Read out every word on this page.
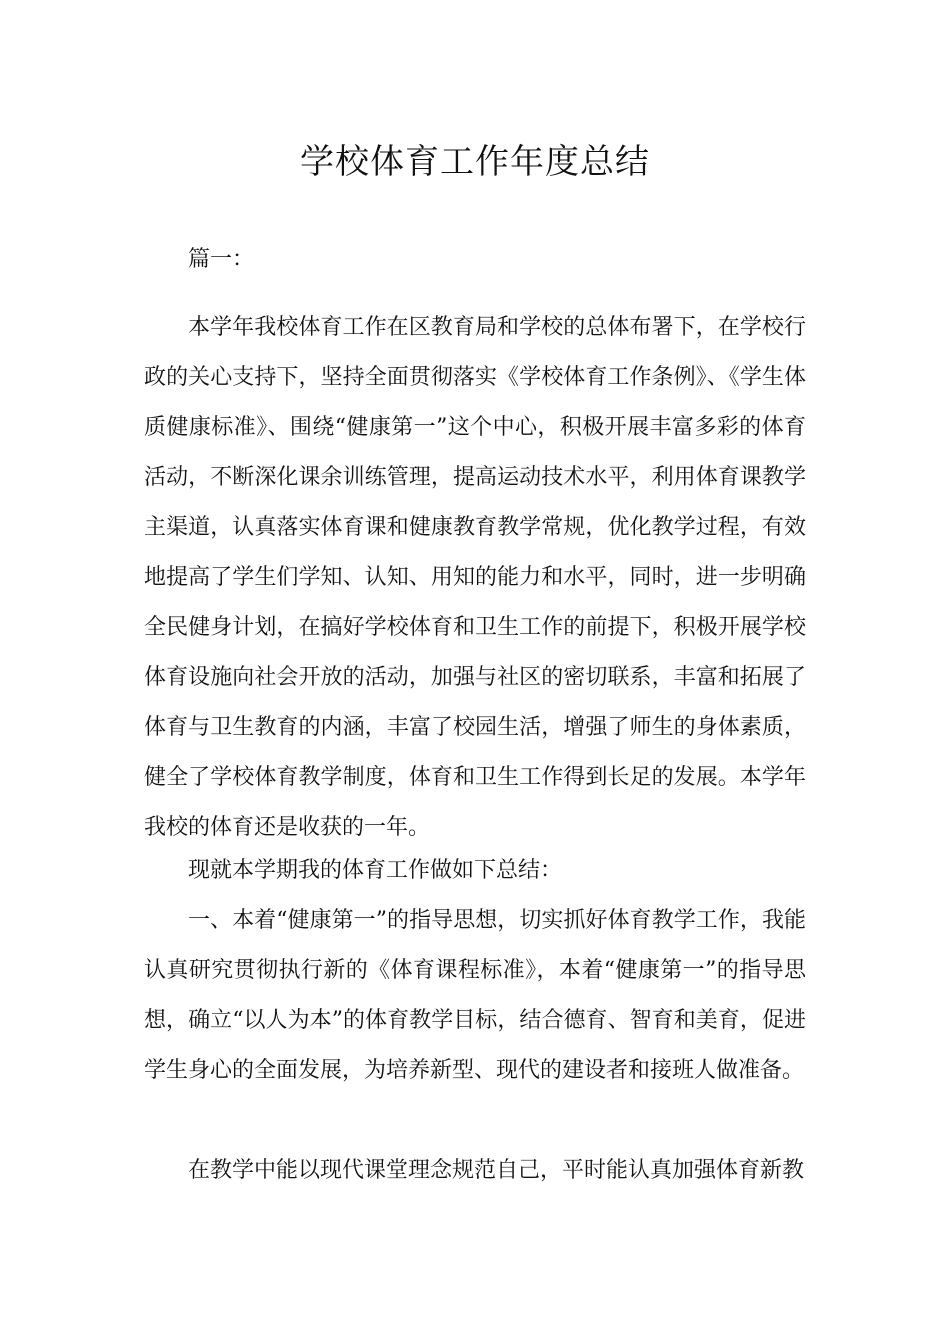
学校体育工作年度总结
篇一：

本学年我校体育工作在区教育局和学校的总体布署下，在学校行政的关心支持下，坚持全面贯彻落实《学校体育工作条例》、《学生体质健康标准》、围绕“健康第一”这个中心，积极开展丰富多彩的体育活动，不断深化课余训练管理，提高运动技术水平，利用体育课教学主渠道，认真落实体育课和健康教育教学常规，优化教学过程，有效地提高了学生们学知、认知、用知的能力和水平，同时，进一步明确全民健身计划，在搞好学校体育和卫生工作的前提下，积极开展学校体育设施向社会开放的活动，加强与社区的密切联系，丰富和拓展了体育与卫生教育的内涵，丰富了校园生活，增强了师生的身体素质，健全了学校体育教学制度，体育和卫生工作得到长足的发展。本学年我校的体育还是收获的一年。

现就本学期我的体育工作做如下总结：

一、本着“健康第一”的指导思想，切实抓好体育教学工作，我能认真研究贯彻执行新的《体育课程标准》，本着“健康第一”的指导思想，确立“以人为本”的体育教学目标，结合德育、智育和美育，促进学生身心的全面发展，为培养新型、现代的建设者和接班人做准备。

在教学中能以现代课堂理念规范自己，平时能认真加强体育新教
